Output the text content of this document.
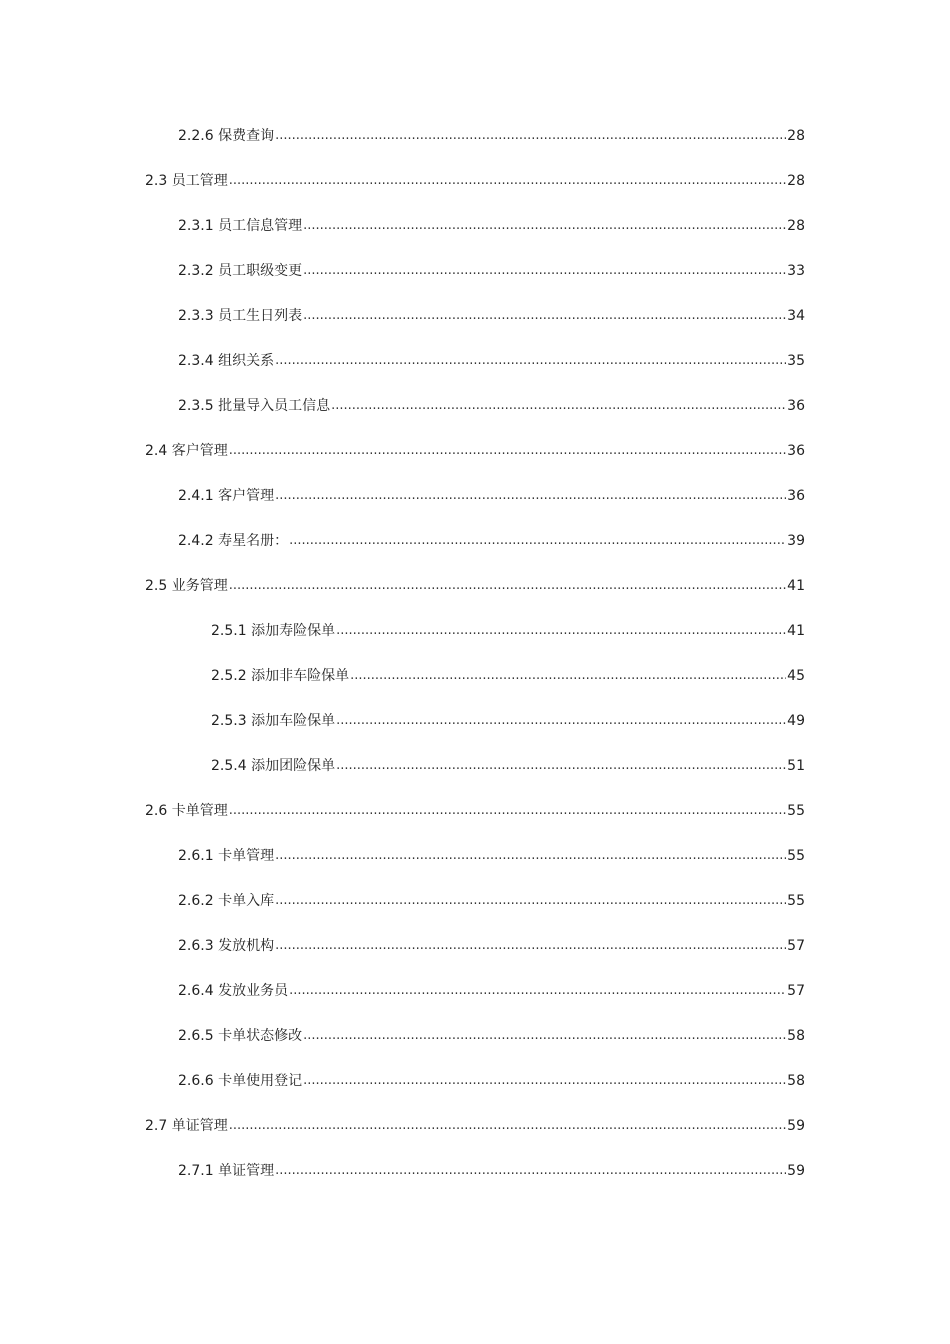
2.2.6 保费查询 .....	28
2.3 员工管理 .....	28
2.3.1 员工信息管理 .....	28
2.3.2 员工职级变更 .....	33
2.3.3 员工生日列表 .....	34
2.3.4 组织关系 .....	35
2.3.5 批量导入员工信息 .....	36
2.4 客户管理 .....	36
2.4.1 客户管理 .....	36
2.4.2 寿星名册： .....	39
2.5 业务管理 .....	41
2.5.1 添加寿险保单 .....	41
2.5.2 添加非车险保单 .....	45
2.5.3 添加车险保单 .....	49
2.5.4 添加团险保单 .....	51
2.6 卡单管理 .....	55
2.6.1 卡单管理 .....	55
2.6.2 卡单入库 .....	55
2.6.3 发放机构 .....	57
2.6.4 发放业务员 .....	57
2.6.5 卡单状态修改 .....	58
2.6.6 卡单使用登记 .....	58
2.7 单证管理 .....	59
2.7.1 单证管理 .....	59
